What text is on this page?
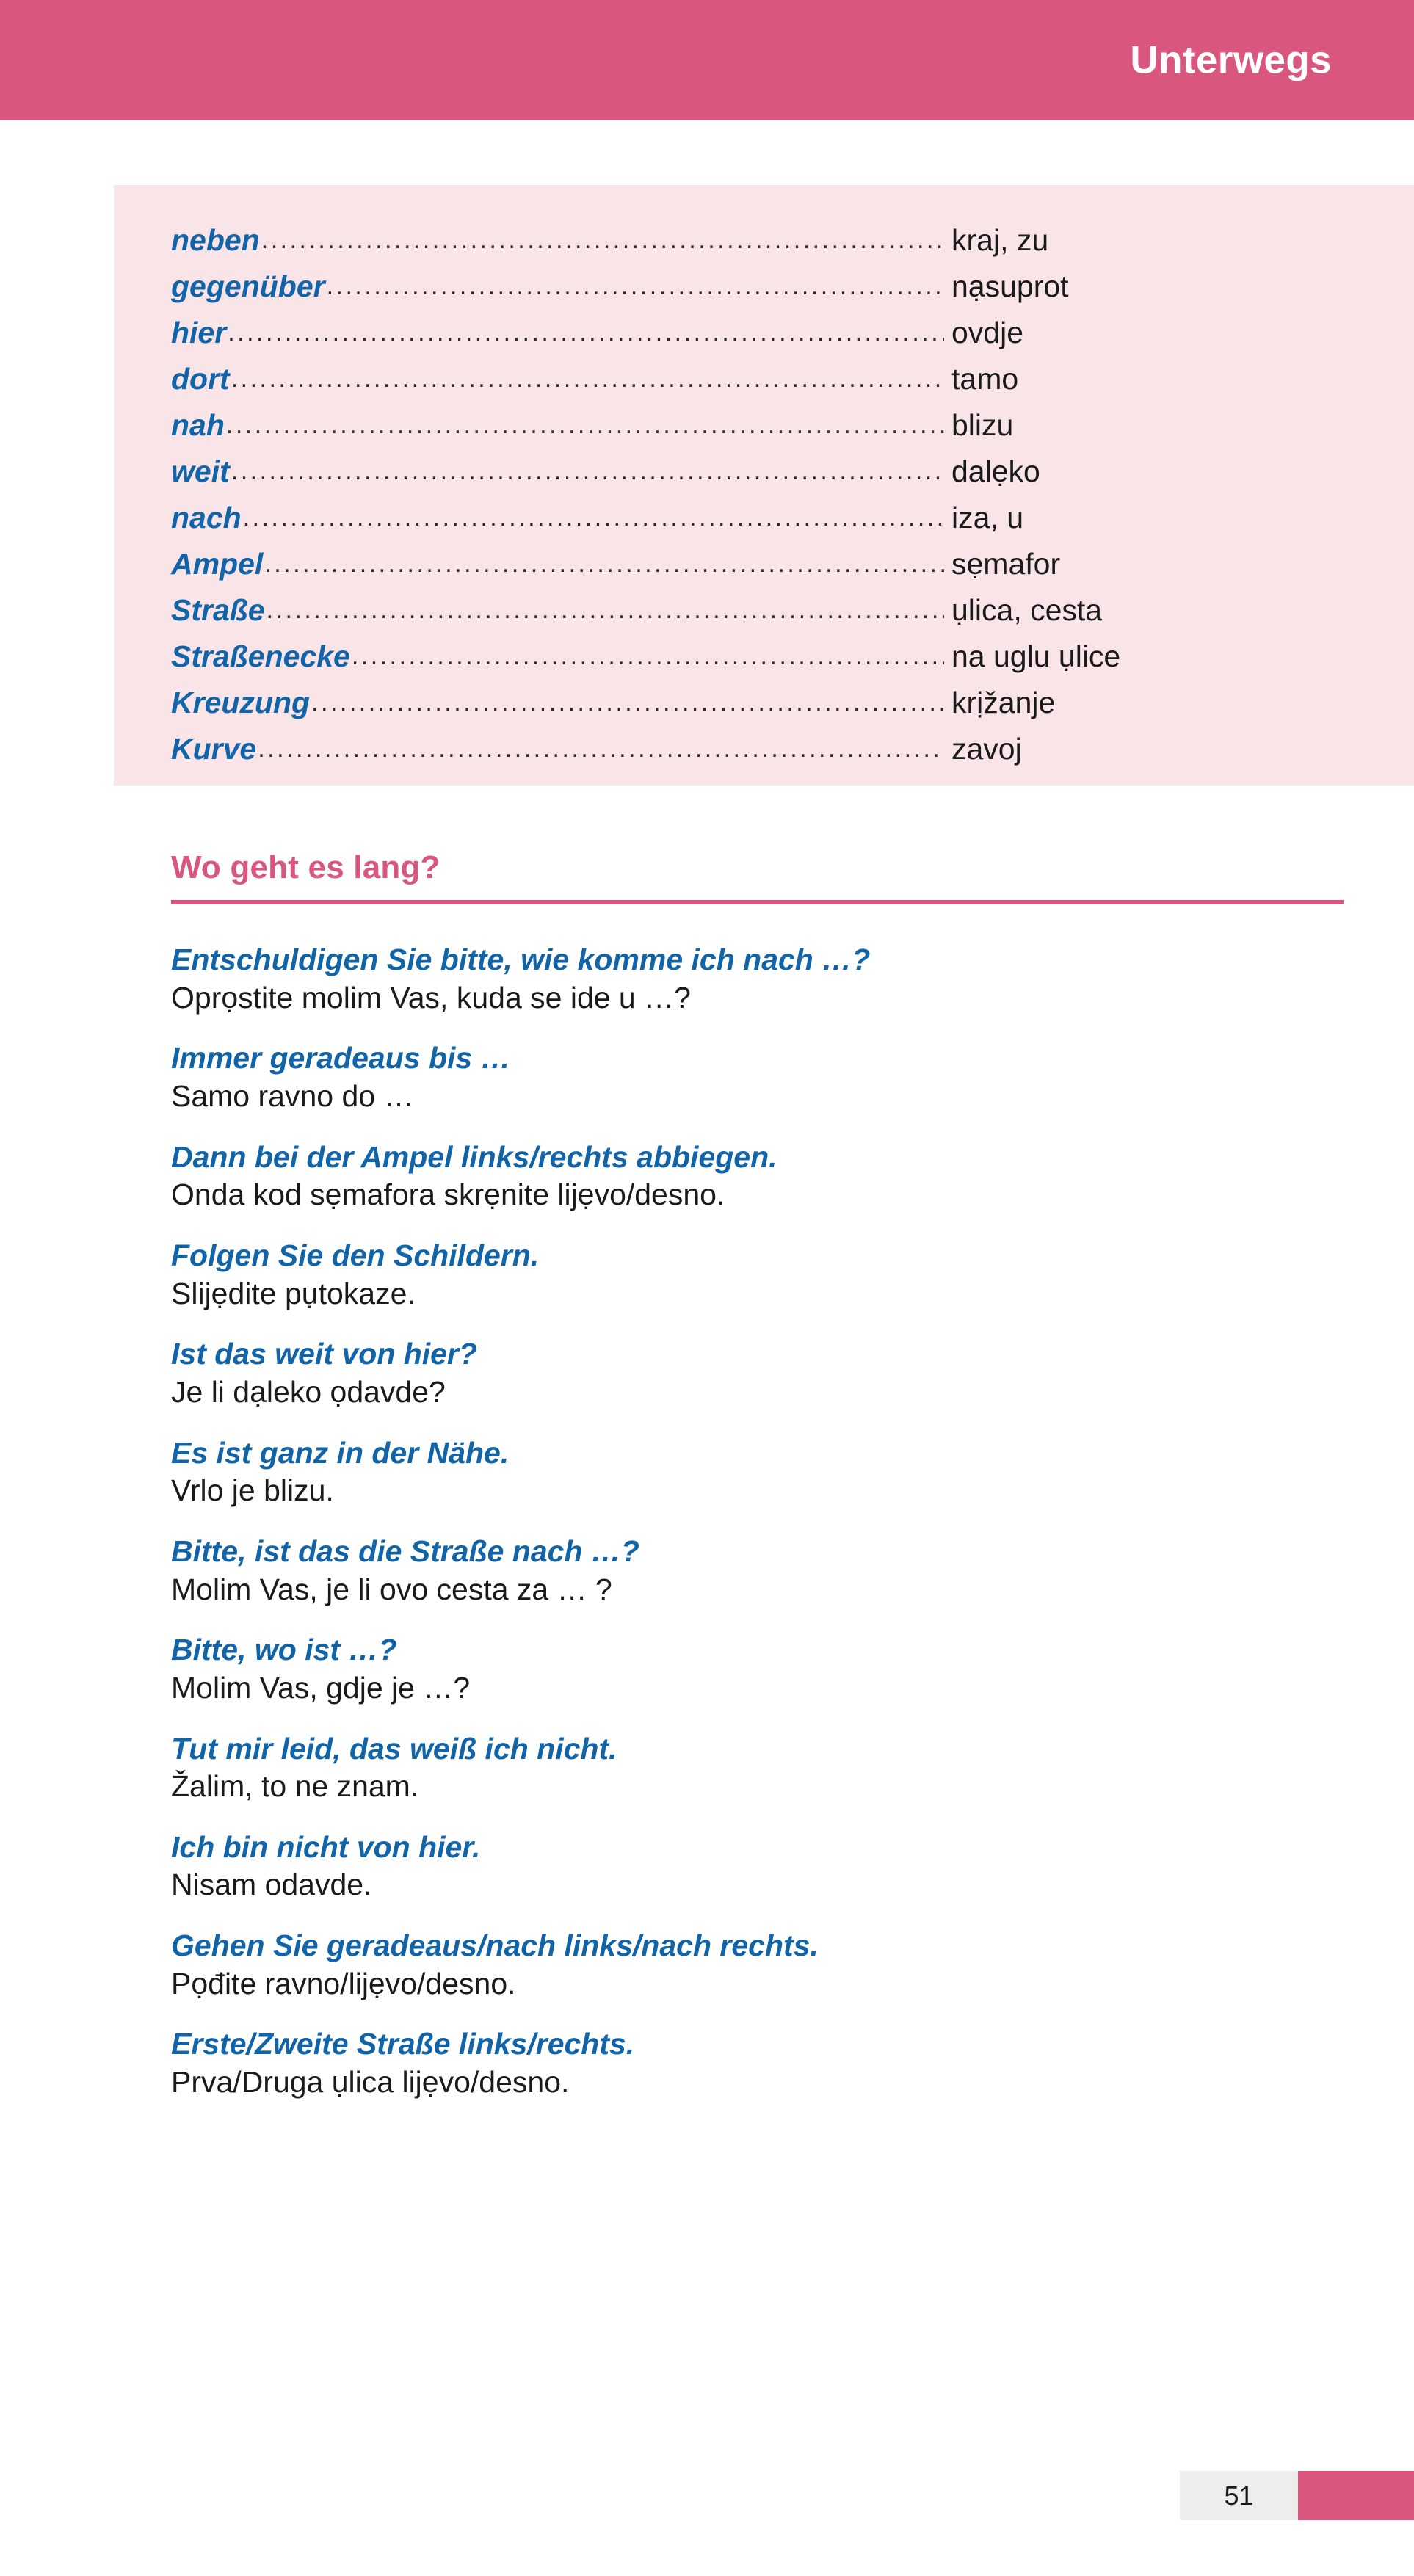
Unterwegs
neben .....	kraj, zu
gegenüber .....	nạsuprot
hier .....	ovdje
dort .....	tamo
nah .....	blizu
weit .....	dalẹko
nach .....	iza, u
Ampel .....	sẹmafor
Straße .....	ụlica, cesta
Straßenecke .....	na uglu ụlice
Kreuzung .....	krịžanje
Kurve .....	zavoj
Wo geht es lang?
Entschuldigen Sie bitte, wie komme ich nach …?
Oprọstite molim Vas, kuda se ide u …?
Immer geradeaus bis …
Samo ravno do …
Dann bei der Ampel links/rechts abbiegen.
Onda kod sẹmafora skrẹnite lijẹvo/desno.
Folgen Sie den Schildern.
Slijẹdite pụtokaze.
Ist das weit von hier?
Je li dạleko ọdavde?
Es ist ganz in der Nähe.
Vrlo je blizu.
Bitte, ist das die Straße nach …?
Molim Vas, je li ovo cesta za … ?
Bitte, wo ist …?
Molim Vas, gdje je …?
Tut mir leid, das weiß ich nicht.
Žalim, to ne znam.
Ich bin nicht von hier.
Nisam odavde.
Gehen Sie geradeaus/nach links/nach rechts.
Pọđite ravno/lijẹvo/desno.
Erste/Zweite Straße links/rechts.
Prva/Druga ụlica lijẹvo/desno.
51
